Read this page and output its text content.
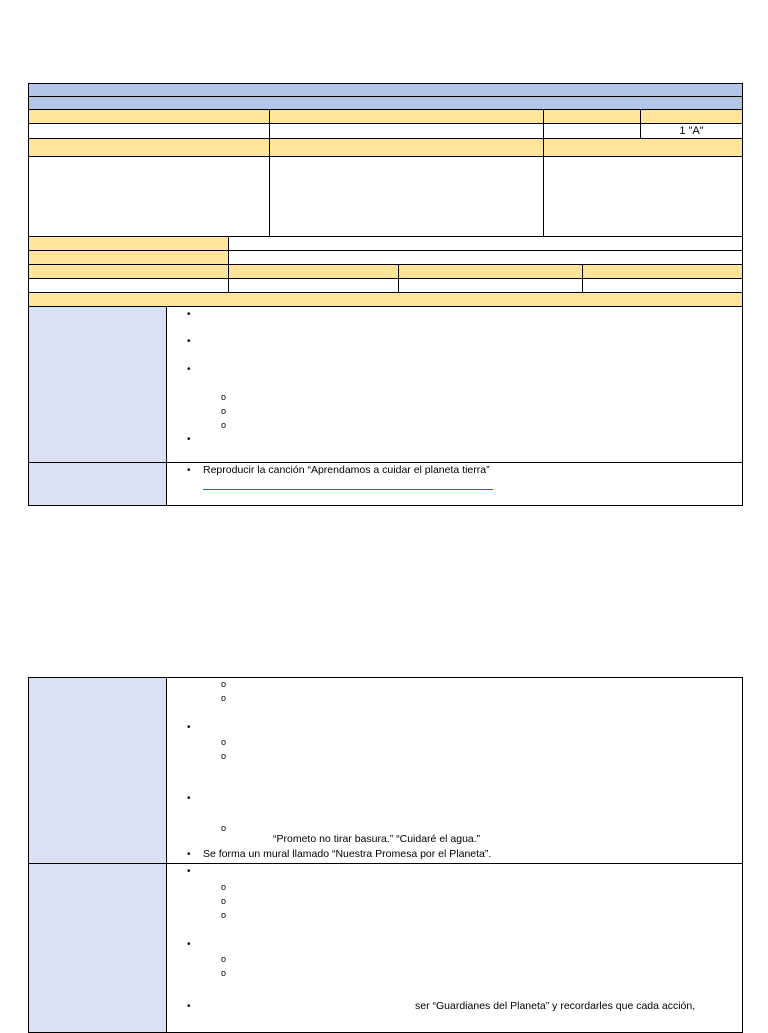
1 "A"
•
•
•
o
o
o
•
• Reproducir la canción “Aprendamos a cuidar el planeta tierra”
o
o
•
o
o
•
o
“Prometo no tirar basura.” “Cuidaré el agua.”
• Se forma un mural llamado “Nuestra Promesa por el Planeta”.
•
o
o
o
•
o
o
•	ser “Guardianes del Planeta” y recordarles que cada acción,
